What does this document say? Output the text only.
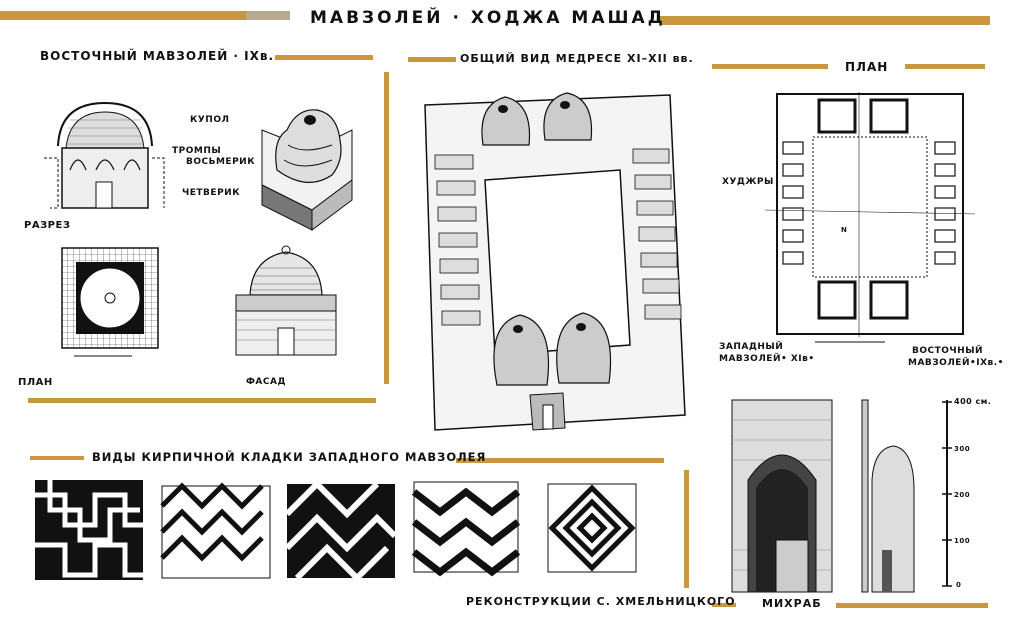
МАВЗОЛЕЙ · ХОДЖА МАШАД
ВОСТОЧНЫЙ МАВЗОЛЕЙ · IXв.	ОБЩИЙ ВИД МЕДРЕСЕ XI–XII вв.
ПЛАН
ВИДЫ КИРПИЧНОЙ КЛАДКИ ЗАПАДНОГО МАВЗОЛЕЯ
РЕКОНСТРУКЦИИ С. ХМЕЛЬНИЦКОГО МИХРАБ
РАЗРЕЗ
ПЛАН	ФАСАД
КУПОЛ
ТРОМПЫ
ВОСЬМЕРИК
ЧЕТВЕРИК
ХУДЖРЫ
ЗАПАДНЫЙ
МАВЗОЛЕЙ• XIв•
ВОСТОЧНЫЙ
МАВЗОЛЕЙ•IXв.•
400 см.
300
200
100
0
N
